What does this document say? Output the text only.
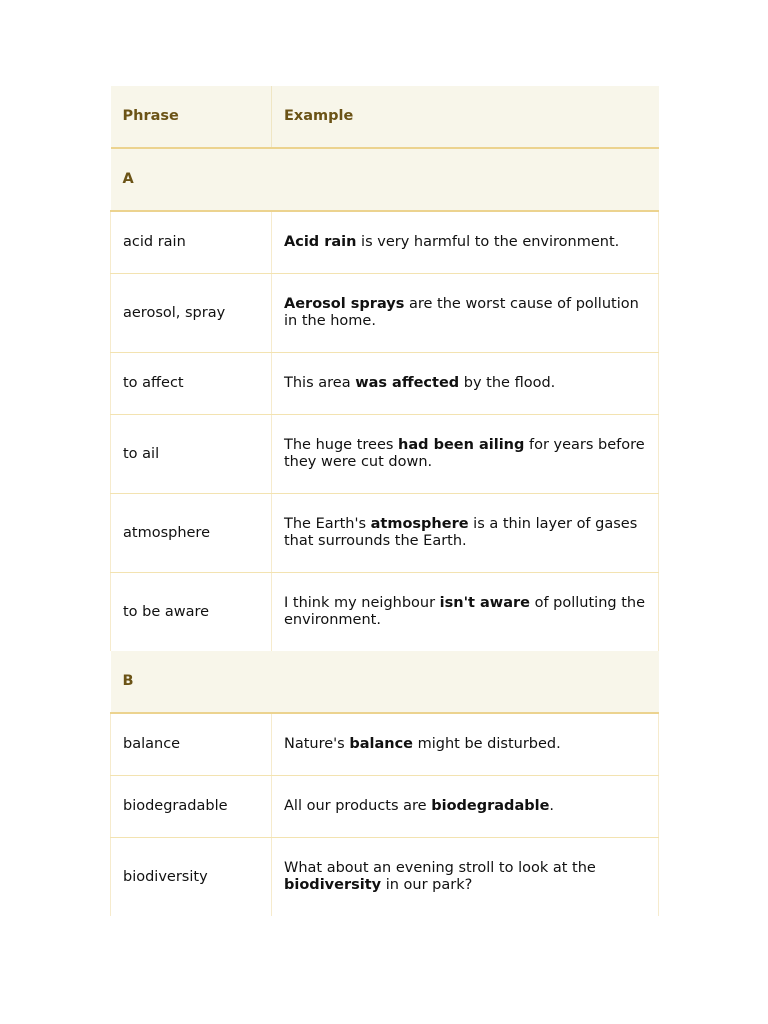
Phrase	Example
A	
acid rain	Acid rain is very harmful to the environment.
aerosol, spray	Aerosol sprays are the worst cause of pollution in the home.
to affect	This area was affected by the flood.
to ail	The huge trees had been ailing for years before they were cut down.
atmosphere	The Earth's atmosphere is a thin layer of gases that surrounds the Earth.
to be aware	I think my neighbour isn't aware of polluting the environment.
B	
balance	Nature's balance might be disturbed.
biodegradable	All our products are biodegradable.
biodiversity	What about an evening stroll to look at the biodiversity in our park?
